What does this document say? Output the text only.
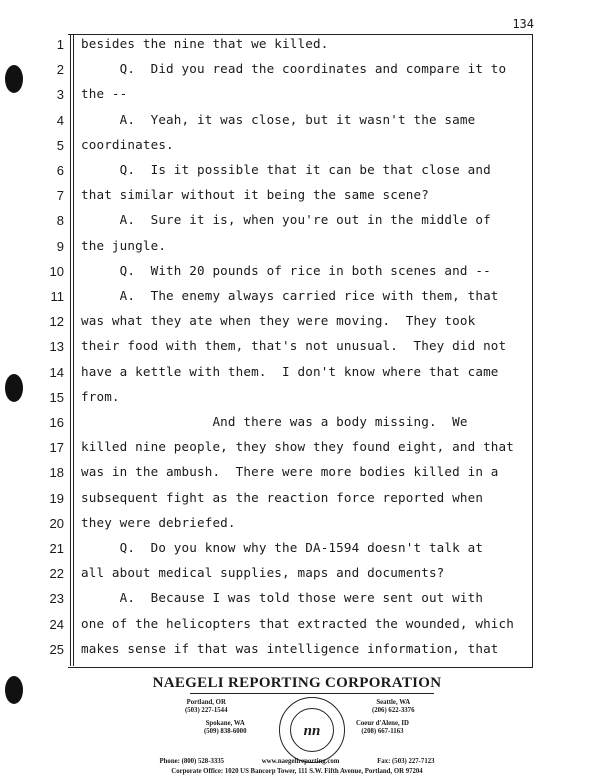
134
1 besides the nine that we killed.
2 Q.  Did you read the coordinates and compare it to
3 the --
4 A.  Yeah, it was close, but it wasn't the same
5 coordinates.
6 Q.  Is it possible that it can be that close and
7 that similar without it being the same scene?
8 A.  Sure it is, when you're out in the middle of
9 the jungle.
10 Q.  With 20 pounds of rice in both scenes and --
11 A.  The enemy always carried rice with them, that
12 was what they ate when they were moving.  They took
13 their food with them, that's not unusual.  They did not
14 have a kettle with them.  I don't know where that came
15 from.
16 And there was a body missing.  We
17 killed nine people, they show they found eight, and that
18 was in the ambush.  There were more bodies killed in a
19 subsequent fight as the reaction force reported when
20 they were debriefed.
21 Q.  Do you know why the DA-1594 doesn't talk at
22 all about medical supplies, maps and documents?
23 A.  Because I was told those were sent out with
24 one of the helicopters that extracted the wounded, which
25 makes sense if that was intelligence information, that
NAEGELI REPORTING CORPORATION
Portland, OR
(503) 227-1544
Seattle, WA
(206) 622-3376
Spokane, WA
(509) 838-6000
Coeur d'Alene, ID
(208) 667-1163
nn
Phone: (800) 528-3335	www.naegelireporting.com	Fax: (503) 227-7123
Corporate Office: 1020 US Bancorp Tower, 111 S.W. Fifth Avenue, Portland, OR 97204
